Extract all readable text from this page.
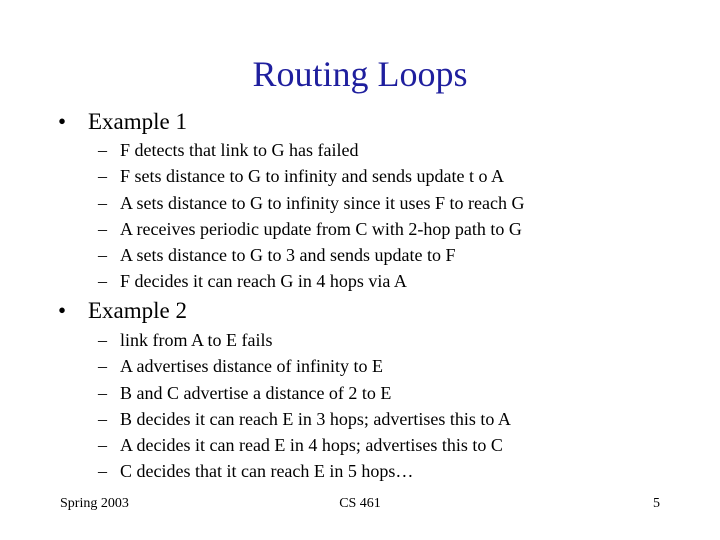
Routing Loops
• Example 1
– F detects that link to G has failed
– F sets distance to G to infinity and sends update t o A
– A sets distance to G to infinity since it uses F to reach G
– A receives periodic update from C with 2-hop path to G
– A sets distance to G to 3 and sends update to F
– F decides it can reach G in 4 hops via A
• Example 2
– link from A to E fails
– A advertises distance of infinity to E
– B and C advertise a distance of 2 to E
– B decides it can reach E in 3 hops; advertises this to A
– A decides it can read E in 4 hops; advertises this to C
– C decides that it can reach E in 5 hops…
Spring 2003	CS 461	5
